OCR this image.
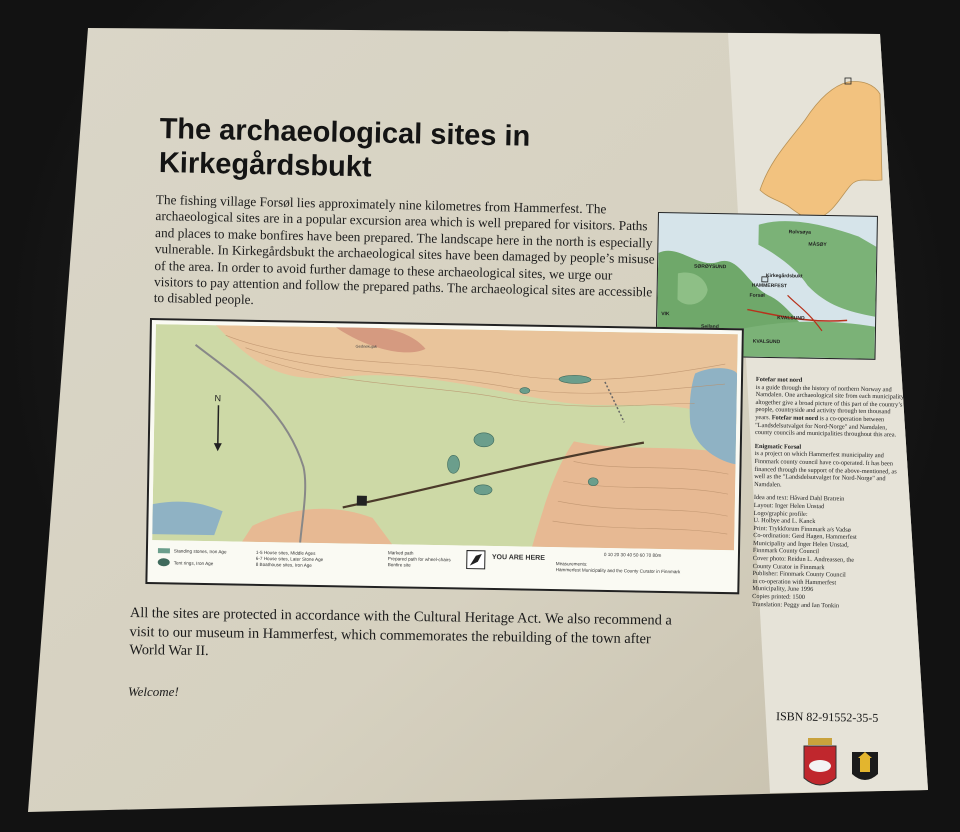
The archaeological sites in
Kirkegårdsbukt
The fishing village Forsøl lies approximately nine kilometres from Hammerfest. The archaeological sites are in a popular excursion area which is well prepared for visitors. Paths and places to make bonfires have been prepared. The landscape here in the north is especially vulnerable. In Kirkegårdsbukt the archaeological sites have been damaged by people’s misuse of the area. In order to avoid further damage to these archaeological sites, we urge our visitors to pay attention and follow the prepared paths. The archaeological sites are accessible to disabled people.
Rolvsøya
MÅSØY
SØRØYSUND
Kirkegårdsbukt
HAMMERFEST
Forsøl
KVALSUND
KVALSUND
VIK
N
Gednekujak
Standing stones, Iron Age
Tent rings, Iron Age
1-5 House sites, Middle Ages
6-7 House sites, Later Stone Age
8 Boathouse sites, Iron Age
Marked path
Prepared path for wheel-chairs
Bonfire site
YOU ARE HERE	0 10 20 30 40 50 60 70 80m
Measurements:
Hammerfest Municipality and the County Curator in Finnmark
All the sites are protected in accordance with the Cultural Heritage Act. We also recommend a visit to our museum in Hammerfest, which commemorates the rebuilding of the town after World War II.
Welcome!

Fotefar mot nord
is a guide through the history of northern Norway and Namdalen. One archaeological site from each municipality altogether give a broad picture of this part of the country’s people, countryside and activity through ten thousand years. Fotefar mot nord is a co-operation between "Landsdelsutvalget for Nord-Norge" and Namdalen, county councils and municipalities throughout this area.

Enigmatic Forsøl
is a project on which Hammerfest municipality and Finnmark county council have co-operated. It has been financed through the support of the above-mentioned, as well as the "Landsdelsutvalget for Nord-Norge" and Namdalen.

Idea and text: Håvard Dahl Bratrein
Layout: Inger Helen Unstad
Logo/graphic profile:
U. Holbye and L. Kanck
Print: Trykkforum Finnmark a/s Vadsø
Co-ordination: Gerd Hagen, Hammerfest
Municipality and Inger Helen Unstad,
Finnmark County Council
Cover photo: Reidun L. Andreassen, the
County Curator in Finnmark
Publisher: Finnmark County Council
in co-operation with Hammerfest
Municipality, June 1996
Copies printed: 1500
Translation: Peggy and Ian Tonkin

ISBN 82-91552-35-5
